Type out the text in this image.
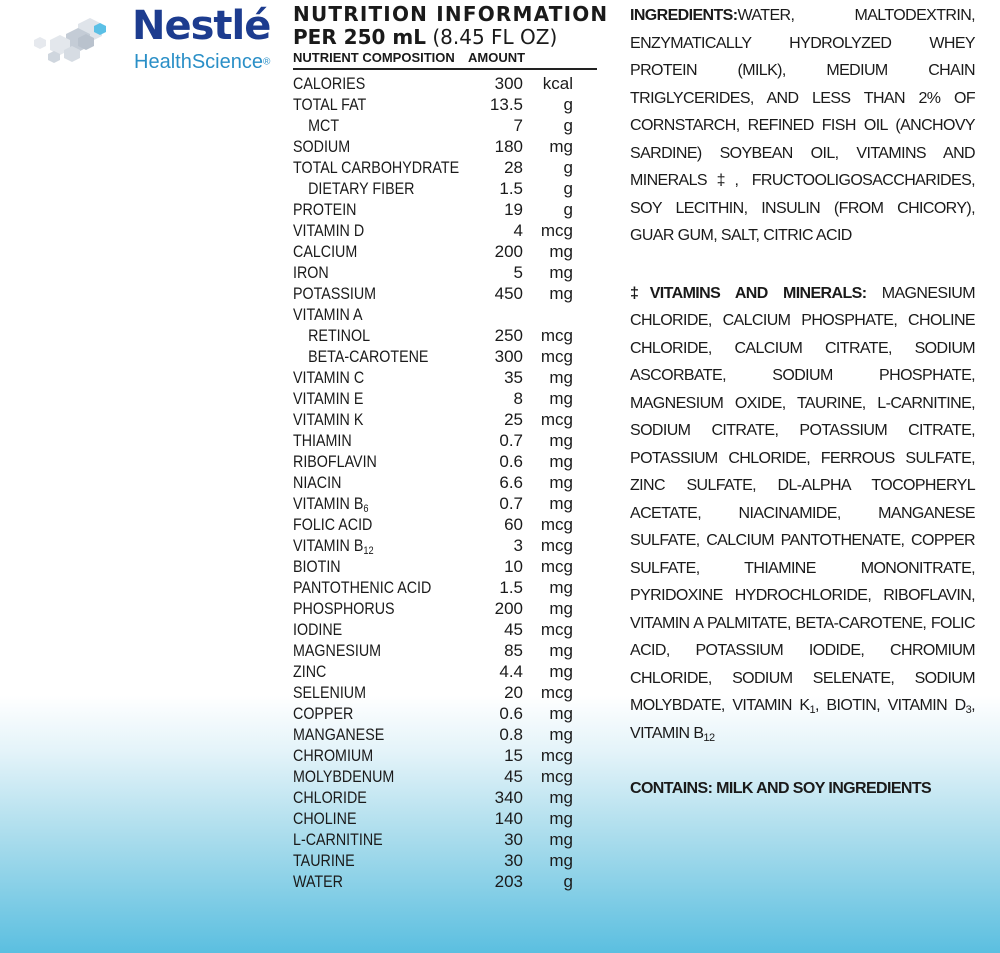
Nestlé
HealthScience®
NUTRITION INFORMATION
PER 250 mL (8.45 FL OZ)
NUTRIENT COMPOSITION	AMOUNT
CALORIES	300	kcal
TOTAL FAT	13.5	g
MCT	7	g
SODIUM	180	mg
TOTAL CARBOHYDRATE	28	g
DIETARY FIBER	1.5	g
PROTEIN	19	g
VITAMIN D	4	mcg
CALCIUM	200	mg
IRON	5	mg
POTASSIUM	450	mg
VITAMIN A
RETINOL	250	mcg
BETA-CAROTENE	300	mcg
VITAMIN C	35	mg
VITAMIN E	8	mg
VITAMIN K	25	mcg
THIAMIN	0.7	mg
RIBOFLAVIN	0.6	mg
NIACIN	6.6	mg
VITAMIN $B_6$	0.7	mg
FOLIC ACID	60	mcg
VITAMIN $B_{12}$	3	mcg
BIOTIN	10	mcg
PANTOTHENIC ACID	1.5	mg
PHOSPHORUS	200	mg
IODINE	45	mcg
MAGNESIUM	85	mg
ZINC	4.4	mg
SELENIUM	20	mcg
COPPER	0.6	mg
MANGANESE	0.8	mg
CHROMIUM	15	mcg
MOLYBDENUM	45	mcg
CHLORIDE	340	mg
CHOLINE	140	mg
L-CARNITINE	30	mg
TAURINE	30	mg
WATER	203	g

INGREDIENTS:WATER, MALTODEXTRIN, ENZYMATICALLY HYDROLYZED WHEY PROTEIN (MILK), MEDIUM CHAIN TRIGLYCERIDES, AND LESS THAN 2% OF CORNSTARCH, REFINED FISH OIL (ANCHOVY SARDINE) SOYBEAN OIL, VITAMINS AND MINERALS‡, FRUCTOOLIGOSACCHARIDES, SOY LECITHIN, INSULIN (FROM CHICORY), GUAR GUM, SALT, CITRIC ACID

‡VITAMINS AND MINERALS: MAGNESIUM CHLORIDE, CALCIUM PHOSPHATE, CHOLINE CHLORIDE, CALCIUM CITRATE, SODIUM ASCORBATE, SODIUM PHOSPHATE, MAGNESIUM OXIDE, TAURINE, L-CARNITINE, SODIUM CITRATE, POTASSIUM CITRATE, POTASSIUM CHLORIDE, FERROUS SULFATE, ZINC SULFATE, DL-ALPHA TOCOPHERYL ACETATE, NIACINAMIDE, MANGANESE SULFATE, CALCIUM PANTOTHENATE, COPPER SULFATE, THIAMINE MONONITRATE, PYRIDOXINE HYDROCHLORIDE, RIBOFLAVIN, VITAMIN A PALMITATE, BETA-CAROTENE, FOLIC ACID, POTASSIUM IODIDE, CHROMIUM CHLORIDE, SODIUM SELENATE, SODIUM MOLYBDATE, VITAMIN $K_1$, BIOTIN, VITAMIN $D_3$, VITAMIN $B_{12}$

CONTAINS: MILK AND SOY INGREDIENTS
